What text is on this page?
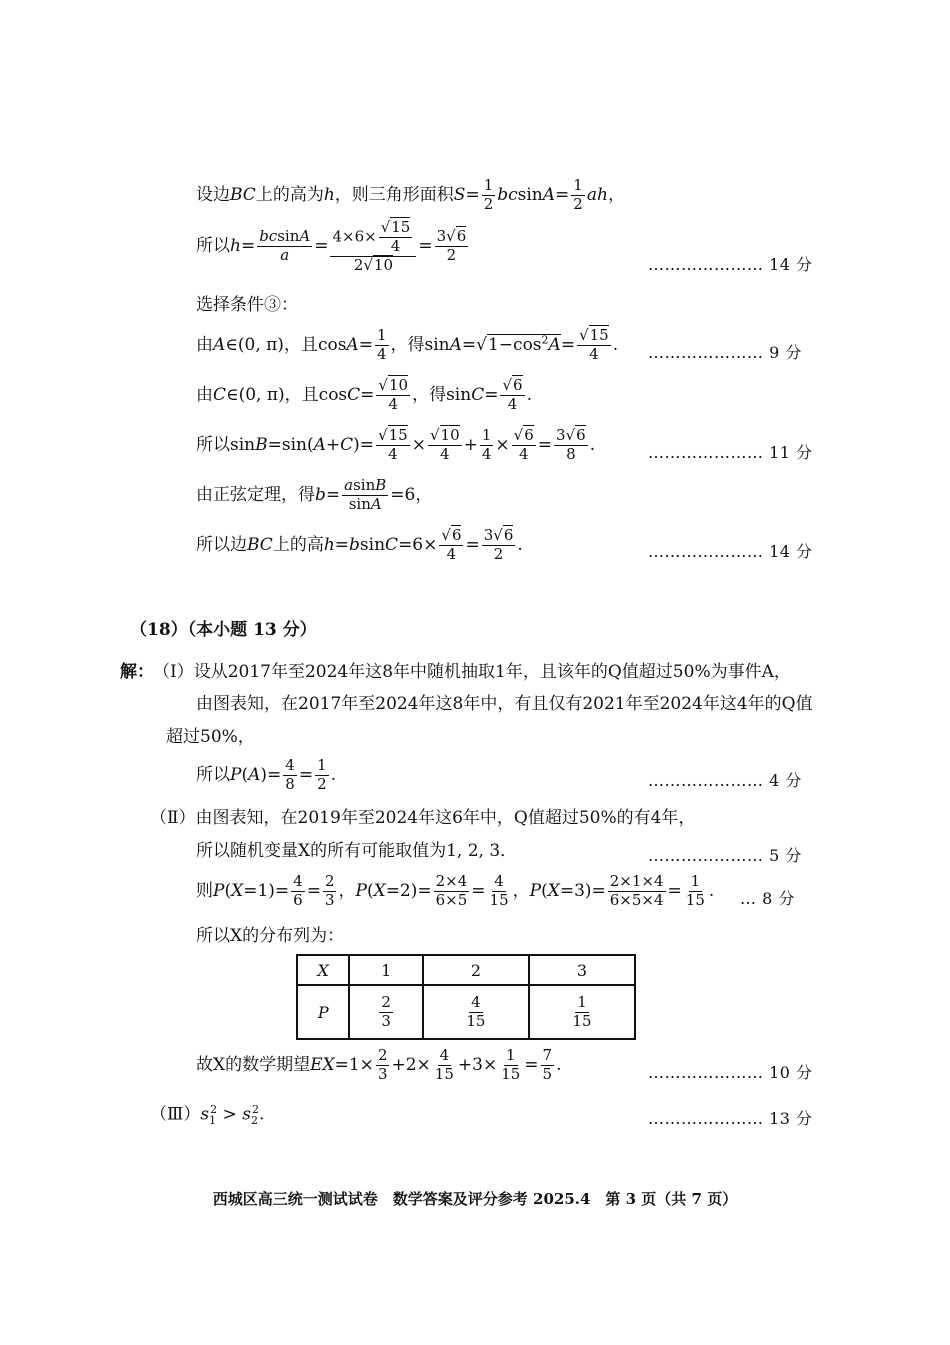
设边BC上的高为h，则三角形面积$S= \frac{1}{2} bcsinA= \frac{1}{2}$ ah，
所以$h= \frac{bcsinA}{a} = \frac{4\times 6\times \frac{√15}{4}}{2√10} = \frac{3√6}{2}$
………………… 14 分
选择条件③：
由A∈(0, π)，且$\cos A= \frac{1}{4}$ ，得$\sin A=√1-\cos^2A= \frac{√15}{4}$ . ………………… 9 分
由C∈(0, π)，且$\cos C= \frac{√10}{4}$ ，得$\sin C= \frac{√6}{4}$ .
所以$\sin B=\sin(A+C)= \frac{√15}{4} \times \frac{√10}{4} + \frac{1}{4} \times \frac{√6}{4} = \frac{3√6}{8}$ .	………………… 11 分
由正弦定理，得$b= \frac{asinB}{\sin A} =6$，
所以边BC上的高$h=bsinC=6\times \frac{√6}{4} = \frac{3√6}{2}$ .	………………… 14 分
（18）（本小题 13 分）
解： （Ⅰ）设从2017年至2024年这8年中随机抽取1年，且该年的Q值超过50%为事件A，
由图表知，在2017年至2024年这8年中，有且仅有2021年至2024年这4年的Q值
超过50%，
所以$P(A)= \frac{4}{8} = \frac{1}{2}$ .	………………… 4 分
（Ⅱ）由图表知，在2019年至2024年这6年中，Q值超过50%的有4年，
所以随机变量X的所有可能取值为1, 2, 3．	………………… 5 分
则$P(X=1)= \frac{4}{6} = \frac{2}{3}$ ，$P(X=2)= \frac{2\times 4}{6\times 5} = \frac{4}{15}$ ，$P(X=3)= \frac{2\times 1\times 4}{6\times 5\times 4} = \frac{1}{15}$ . … 8 分
所以X的分布列为：
X	1	2	3
P	$\frac{2}{3}$	$\frac{4}{15}$	$\frac{1}{15}$
故X的数学期望$EX=1\times \frac{2}{3} +2\times \frac{4}{15} +3\times \frac{1}{15} = \frac{7}{5}$ .	………………… 10 分
$(Ⅲ)s_1^2 > s_2^2$.	………………… 13 分
西城区高三统一测试试卷　数学答案及评分参考 2025.4　第 3 页（共 7 页）
